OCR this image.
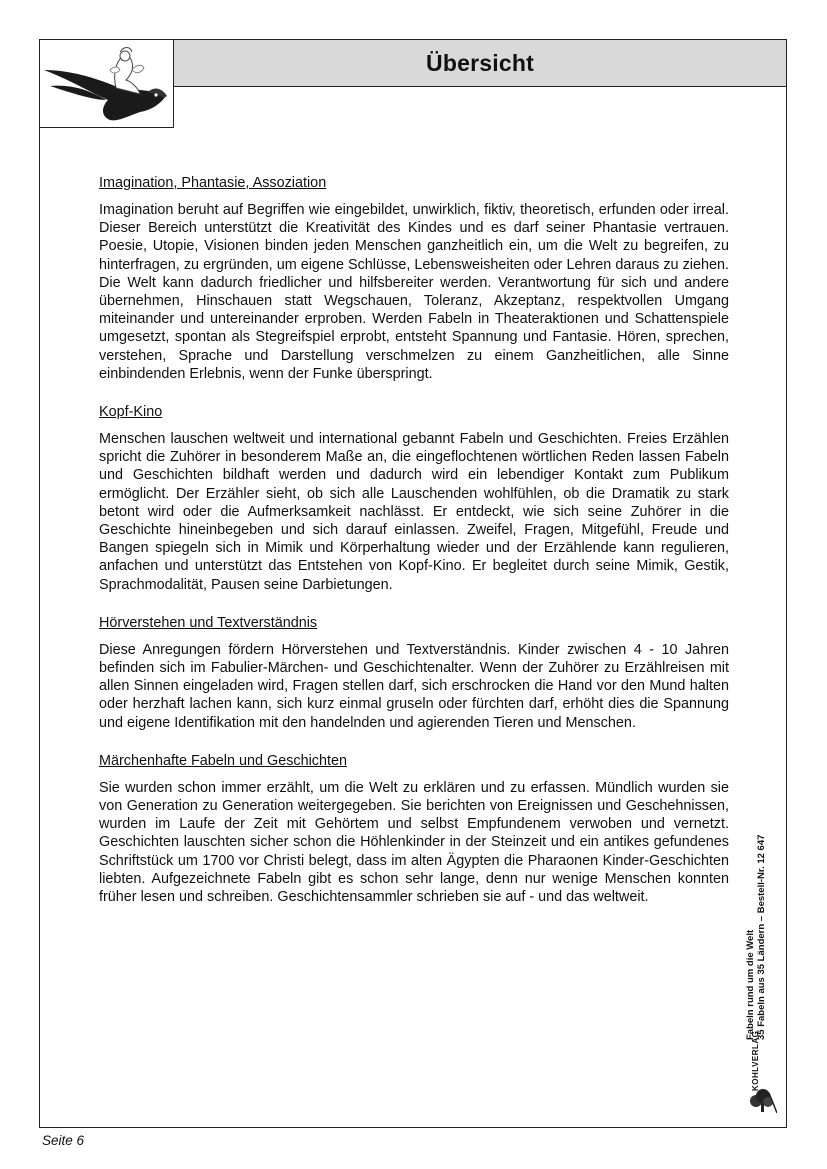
Übersicht
Imagination, Phantasie, Assoziation

Imagination beruht auf Begriffen wie eingebildet, unwirklich, fiktiv, theoretisch, erfunden oder irreal. Dieser Bereich unterstützt die Kreativität des Kindes und es darf seiner Phantasie vertrauen. Poesie, Utopie, Visionen binden jeden Menschen ganzheitlich ein, um die Welt zu begreifen, zu hinterfragen, zu ergründen, um eigene Schlüsse, Lebensweisheiten oder Lehren daraus zu ziehen. Die Welt kann dadurch friedlicher und hilfsbereiter werden. Verantwortung für sich und andere übernehmen, Hinschauen statt Wegschauen, Toleranz, Akzeptanz, respektvollen Umgang miteinander und untereinander erproben. Werden Fabeln in Theateraktionen und Schattenspiele umgesetzt, spontan als Stegreifspiel erprobt, entsteht Spannung und Fantasie. Hören, sprechen, verstehen, Sprache und Darstellung verschmelzen zu einem Ganzheitlichen, alle Sinne einbindenden Erlebnis, wenn der Funke überspringt.

Kopf-Kino

Menschen lauschen weltweit und international gebannt Fabeln und Geschichten. Freies Erzählen spricht die Zuhörer in besonderem Maße an, die eingeflochtenen wörtlichen Reden lassen Fabeln und Geschichten bildhaft werden und dadurch wird ein lebendiger Kontakt zum Publikum ermöglicht. Der Erzähler sieht, ob sich alle Lauschenden wohlfühlen, ob die Dramatik zu stark betont wird oder die Aufmerksamkeit nachlässt. Er entdeckt, wie sich seine Zuhörer in die Geschichte hineinbegeben und sich darauf einlassen. Zweifel, Fragen, Mitgefühl, Freude und Bangen spiegeln sich in Mimik und Körperhaltung wieder und der Erzählende kann regulieren, anfachen und unterstützt das Entstehen von Kopf-Kino. Er begleitet durch seine Mimik, Gestik, Sprachmodalität, Pausen seine Darbietungen.

Hörverstehen und Textverständnis

Diese Anregungen fördern Hörverstehen und Textverständnis. Kinder zwischen 4 - 10 Jahren befinden sich im Fabulier-Märchen- und Geschichtenalter. Wenn der Zuhörer zu Erzählreisen mit allen Sinnen eingeladen wird, Fragen stellen darf, sich erschrocken die Hand vor den Mund halten oder herzhaft lachen kann, sich kurz einmal gruseln oder fürchten darf, erhöht dies die Spannung und eigene Identifikation mit den handelnden und agierenden Tieren und Menschen.

Märchenhafte Fabeln und Geschichten

Sie wurden schon immer erzählt, um die Welt zu erklären und zu erfassen. Mündlich wurden sie von Generation zu Generation weitergegeben. Sie berichten von Ereignissen und Geschehnissen, wurden im Laufe der Zeit mit Gehörtem und selbst Empfundenem verwoben und vernetzt. Geschichten lauschten sicher schon die Höhlenkinder in der Steinzeit und ein antikes gefundenes Schriftstück um 1700 vor Christi belegt, dass im alten Ägypten die Pharaonen Kinder-Geschichten liebten. Aufgezeichnete Fabeln gibt es schon sehr lange, denn nur wenige Menschen konnten früher lesen und schreiben. Geschichtensammler schrieben sie auf - und das weltweit.

Fabeln rund um die Welt 35 Fabeln aus 35 Ländern – Bestell-Nr. 12 647
KOHLVERLAG
Seite 6
